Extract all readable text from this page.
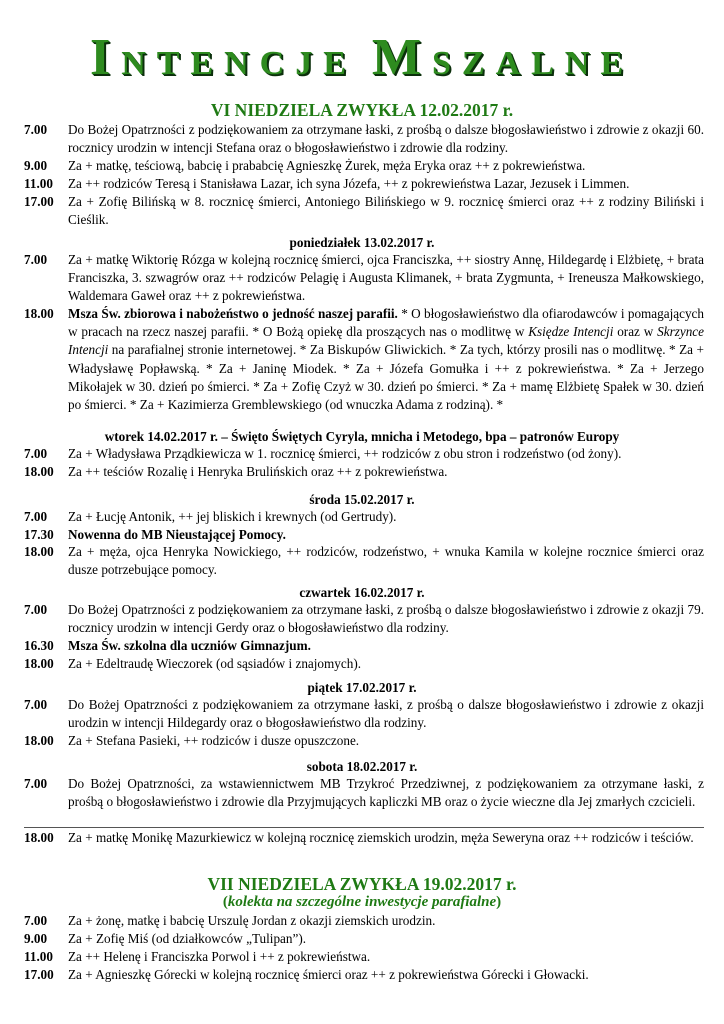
INTENCJE MSZALNE
VI NIEDZIELA ZWYKŁA 12.02.2017 r.
7.00 Do Bożej Opatrzności z podziękowaniem za otrzymane łaski, z prośbą o dalsze błogosławieństwo i zdrowie z okazji 60. rocznicy urodzin w intencji Stefana oraz o błogosławieństwo i zdrowie dla rodziny.
9.00 Za + matkę, teściową, babcię i prababcię Agnieszkę Żurek, męża Eryka oraz ++ z pokrewieństwa.
11.00 Za ++ rodziców Teresą i Stanisława Lazar, ich syna Józefa, ++ z pokrewieństwa Lazar, Jezusek i Limmen.
17.00 Za + Zofię Bilińską w 8. rocznicę śmierci, Antoniego Bilińskiego w 9. rocznicę śmierci oraz ++ z rodziny Biliński i Cieślik.
poniedziałek 13.02.2017 r.
7.00 Za + matkę Wiktorię Rózga w kolejną rocznicę śmierci, ojca Franciszka, ++ siostry Annę, Hildegardę i Elżbietę, + brata Franciszka, 3. szwagrów oraz ++ rodziców Pelagię i Augusta Klimanek, + brata Zygmunta, + Ireneusza Małkowskiego, Waldemara Gaweł oraz ++ z pokrewieństwa.
18.00 Msza Św. zbiorowa i nabożeństwo o jedność naszej parafii. * O błogosławieństwo dla ofiarodawców i pomagających w pracach na rzecz naszej parafii. * O Bożą opiekę dla proszących nas o modlitwę w Księdze Intencji oraz w Skrzynce Intencji na parafialnej stronie internetowej. * Za Biskupów Gliwickich. * Za tych, którzy prosili nas o modlitwę. * Za + Władysławę Popławską. * Za + Janinę Miodek. * Za + Józefa Gomułka i ++ z pokrewieństwa. * Za + Jerzego Mikołajek w 30. dzień po śmierci. * Za + Zofię Czyż w 30. dzień po śmierci. * Za + mamę Elżbietę Spałek w 30. dzień po śmierci. * Za + Kazimierza Gremblewskiego (od wnuczka Adama z rodziną). *
wtorek 14.02.2017 r. – Święto Świętych Cyryla, mnicha i Metodego, bpa – patronów Europy
7.00 Za + Władysława Prządkiewicza w 1. rocznicę śmierci, ++ rodziców z obu stron i rodzeństwo (od żony).
18.00 Za ++ teściów Rozalię i Henryka Brulińskich oraz ++ z pokrewieństwa.
środa 15.02.2017 r.
7.00 Za + Łucję Antonik, ++ jej bliskich i krewnych (od Gertrudy).
17.30 Nowenna do MB Nieustającej Pomocy.
18.00 Za + męża, ojca Henryka Nowickiego, ++ rodziców, rodzeństwo, + wnuka Kamila w kolejne rocznice śmierci oraz dusze potrzebujące pomocy.
czwartek 16.02.2017 r.
7.00 Do Bożej Opatrzności z podziękowaniem za otrzymane łaski, z prośbą o dalsze błogosławieństwo i zdrowie z okazji 79. rocznicy urodzin w intencji Gerdy oraz o błogosławieństwo dla rodziny.
16.30 Msza Św. szkolna dla uczniów Gimnazjum.
18.00 Za + Edeltraudę Wieczorek (od sąsiadów i znajomych).
piątek 17.02.2017 r.
7.00 Do Bożej Opatrzności z podziękowaniem za otrzymane łaski, z prośbą o dalsze błogosławieństwo i zdrowie z okazji urodzin w intencji Hildegardy oraz o błogosławieństwo dla rodziny.
18.00 Za + Stefana Pasieki, ++ rodziców i dusze opuszczone.
sobota 18.02.2017 r.
7.00 Do Bożej Opatrzności, za wstawiennictwem MB Trzykroć Przedziwnej, z podziękowaniem za otrzymane łaski, z prośbą o błogosławieństwo i zdrowie dla Przyjmujących kapliczki MB oraz o życie wieczne dla Jej zmarłych czcicieli.
18.00 Za + matkę Monikę Mazurkiewicz w kolejną rocznicę ziemskich urodzin, męża Seweryna oraz ++ rodziców i teściów.
VII NIEDZIELA ZWYKŁA 19.02.2017 r.
(kolekta na szczególne inwestycje parafialne)
7.00 Za + żonę, matkę i babcię Urszulę Jordan z okazji ziemskich urodzin.
9.00 Za + Zofię Miś (od działkowców „Tulipan”).
11.00 Za ++ Helenę i Franciszka Porwol i ++ z pokrewieństwa.
17.00 Za + Agnieszkę Górecki w kolejną rocznicę śmierci oraz ++ z pokrewieństwa Górecki i Głowacki.
